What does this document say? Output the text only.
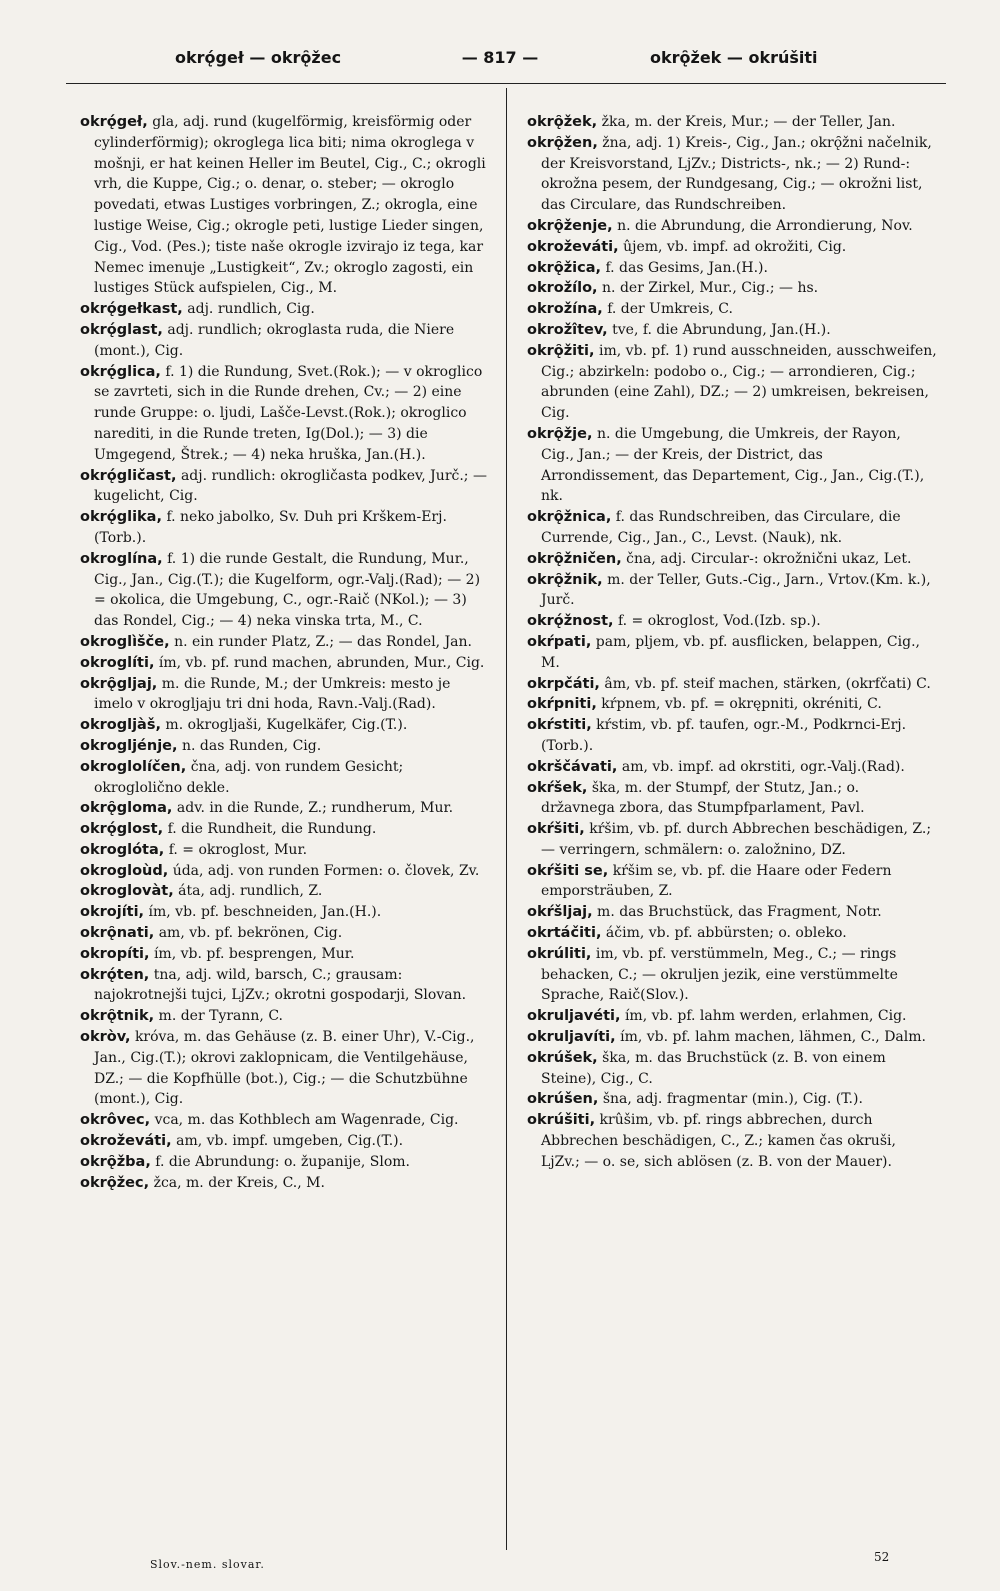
okrǫ́geł — okrǫ̑žec	— 817 —	okrǫ̑žek — okrúšiti

okrǫ́geł, gla, adj. rund (kugelförmig, kreisförmig oder cylinderförmig); okroglega lica biti; nima okroglega v mošnji, er hat keinen Heller im Beutel, Cig., C.; okrogli vrh, die Kuppe, Cig.; o. denar, o. steber; — okroglo povedati, etwas Lustiges vorbringen, Z.; okrogla, eine lustige Weise, Cig.; okrogle peti, lustige Lieder singen, Cig., Vod. (Pes.); tiste naše okrogle izvirajo iz tega, kar Nemec imenuje „Lustigkeit“, Zv.; okroglo zagosti, ein lustiges Stück aufspielen, Cig., M.

okrǫ́gełkast, adj. rundlich, Cig.

okrǫ́glast, adj. rundlich; okroglasta ruda, die Niere (mont.), Cig.

okrǫ́glica, f. 1) die Rundung, Svet.(Rok.); — v okroglico se zavrteti, sich in die Runde drehen, Cv.; — 2) eine runde Gruppe: o. ljudi, Lašče-Levst.(Rok.); okroglico narediti, in die Runde treten, Ig(Dol.); — 3) die Umgegend, Štrek.; — 4) neka hruška, Jan.(H.).

okrǫ́gličast, adj. rundlich: okrogličasta podkev, Jurč.; — kugelicht, Cig.

okrǫ́glika, f. neko jabolko, Sv. Duh pri Krškem-Erj.(Torb.).

okroglína, f. 1) die runde Gestalt, die Rundung, Mur., Cig., Jan., Cig.(T.); die Kugelform, ogr.-Valj.(Rad); — 2) = okolica, die Umgebung, C., ogr.-Raič (NKol.); — 3) das Rondel, Cig.; — 4) neka vinska trta, M., C.

okroglìšče, n. ein runder Platz, Z.; — das Rondel, Jan.

okroglíti, ím, vb. pf. rund machen, abrunden, Mur., Cig.

okrǫ̑gljaj, m. die Runde, M.; der Umkreis: mesto je imelo v okrogljaju tri dni hoda, Ravn.-Valj.(Rad).

okrogljàš, m. okrogljaši, Kugelkäfer, Cig.(T.).

okrogljénje, n. das Runden, Cig.

okroglolíčen, čna, adj. von rundem Gesicht; okroglolično dekle.

okrǫ̑gloma, adv. in die Runde, Z.; rundherum, Mur.

okrǫ́glost, f. die Rundheit, die Rundung.

okroglóta, f. = okroglost, Mur.

okrogloùd, úda, adj. von runden Formen: o. človek, Zv.

okroglovàt, áta, adj. rundlich, Z.

okrojíti, ím, vb. pf. beschneiden, Jan.(H.).

okrǫ̑nati, am, vb. pf. bekrönen, Cig.

okropíti, ím, vb. pf. besprengen, Mur.

okrǫ́ten, tna, adj. wild, barsch, C.; grausam: najokrotnejši tujci, LjZv.; okrotni gospodarji, Slovan.

okrǫ̑tnik, m. der Tyrann, C.

okròv, króva, m. das Gehäuse (z. B. einer Uhr), V.-Cig., Jan., Cig.(T.); okrovi zaklopnicam, die Ventilgehäuse, DZ.; — die Kopfhülle (bot.), Cig.; — die Schutzbühne (mont.), Cig.

okrôvec, vca, m. das Kothblech am Wagenrade, Cig.

okroževáti, am, vb. impf. umgeben, Cig.(T.).

okrǫ̑žba, f. die Abrundung: o. županije, Slom.

okrǫ̑žec, žca, m. der Kreis, C., M.

okrǫ̑žek, žka, m. der Kreis, Mur.; — der Teller, Jan.

okrǫ̑žen, žna, adj. 1) Kreis-, Cig., Jan.; okrǫ̑žni načelnik, der Kreisvorstand, LjZv.; Districts-, nk.; — 2) Rund-: okrožna pesem, der Rundgesang, Cig.; — okrožni list, das Circulare, das Rundschreiben.

okrǫ̑ženje, n. die Abrundung, die Arrondierung, Nov.

okroževáti, ûjem, vb. impf. ad okrožiti, Cig.

okrǫ̑žica, f. das Gesims, Jan.(H.).

okrožílo, n. der Zirkel, Mur., Cig.; — hs.

okrožína, f. der Umkreis, C.

okrožîtev, tve, f. die Abrundung, Jan.(H.).

okrǫ̑žiti, im, vb. pf. 1) rund ausschneiden, ausschweifen, Cig.; abzirkeln: podobo o., Cig.; — arrondieren, Cig.; abrunden (eine Zahl), DZ.; — 2) umkreisen, bekreisen, Cig.

okrǫ̑žje, n. die Umgebung, die Umkreis, der Rayon, Cig., Jan.; — der Kreis, der District, das Arrondissement, das Departement, Cig., Jan., Cig.(T.), nk.

okrǫ̑žnica, f. das Rundschreiben, das Circulare, die Currende, Cig., Jan., C., Levst. (Nauk), nk.

okrǫ̑žničen, čna, adj. Circular-: okrožnični ukaz, Let.

okrǫ̑žnik, m. der Teller, Guts.-Cig., Jarn., Vrtov.(Km. k.), Jurč.

okrǫ́žnost, f. = okroglost, Vod.(Izb. sp.).

okŕpati, pam, pljem, vb. pf. ausflicken, belappen, Cig., M.

okrpčáti, âm, vb. pf. steif machen, stärken, (okrfčati) C.

okŕpniti, kŕpnem, vb. pf. = okrępniti, okréniti, C.

okŕstiti, kŕstim, vb. pf. taufen, ogr.-M., Podkrnci-Erj.(Torb.).

okrščávati, am, vb. impf. ad okrstiti, ogr.-Valj.(Rad).

okŕšek, ška, m. der Stumpf, der Stutz, Jan.; o. državnega zbora, das Stumpfparlament, Pavl.

okŕšiti, kŕšim, vb. pf. durch Abbrechen beschädigen, Z.; — verringern, schmälern: o. založnino, DZ.

okŕšiti se, kŕšim se, vb. pf. die Haare oder Federn emporsträuben, Z.

okŕšljaj, m. das Bruchstück, das Fragment, Notr.

okrtáčiti, áčim, vb. pf. abbürsten; o. obleko.

okrúliti, im, vb. pf. verstümmeln, Meg., C.; — rings behacken, C.; — okruljen jezik, eine verstümmelte Sprache, Raič(Slov.).

okruljavéti, ím, vb. pf. lahm werden, erlahmen, Cig.

okruljavíti, ím, vb. pf. lahm machen, lähmen, C., Dalm.

okrúšek, ška, m. das Bruchstück (z. B. von einem Steine), Cig., C.

okrúšen, šna, adj. fragmentar (min.), Cig. (T.).

okrúšiti, krûšim, vb. pf. rings abbrechen, durch Abbrechen beschädigen, C., Z.; kamen čas okruši, LjZv.; — o. se, sich ablösen (z. B. von der Mauer).

Slov.-nem. slovar.
52
